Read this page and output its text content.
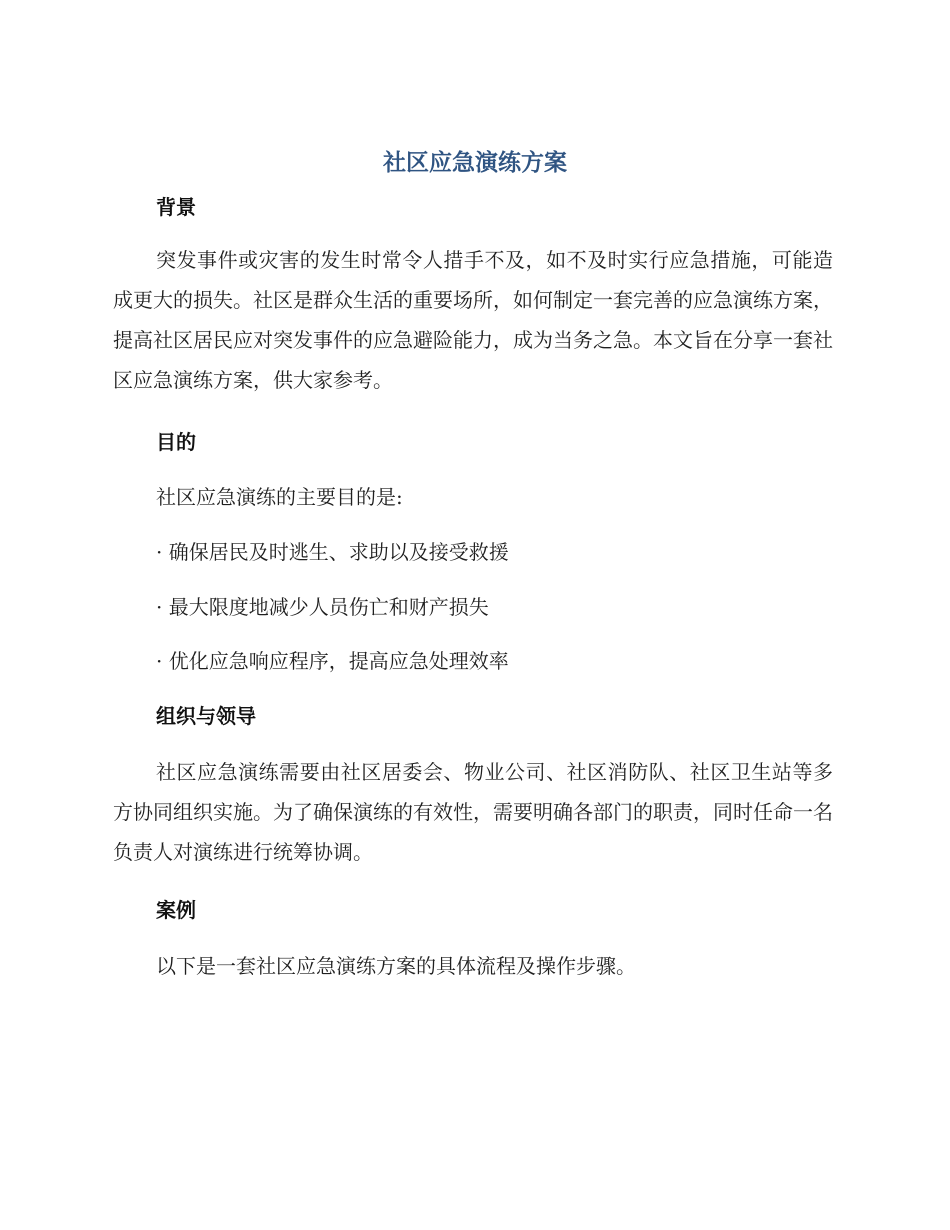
社区应急演练方案
背景

突发事件或灾害的发生时常令人措手不及，如不及时实行应急措施，可能造成更大的损失。社区是群众生活的重要场所，如何制定一套完善的应急演练方案，提高社区居民应对突发事件的应急避险能力，成为当务之急。本文旨在分享一套社区应急演练方案，供大家参考。

目的
社区应急演练的主要目的是:
· 确保居民及时逃生、求助以及接受救援
· 最大限度地减少人员伤亡和财产损失
· 优化应急响应程序，提高应急处理效率
组织与领导

社区应急演练需要由社区居委会、物业公司、社区消防队、社区卫生站等多方协同组织实施。为了确保演练的有效性，需要明确各部门的职责，同时任命一名负责人对演练进行统筹协调。

案例
以下是一套社区应急演练方案的具体流程及操作步骤。
